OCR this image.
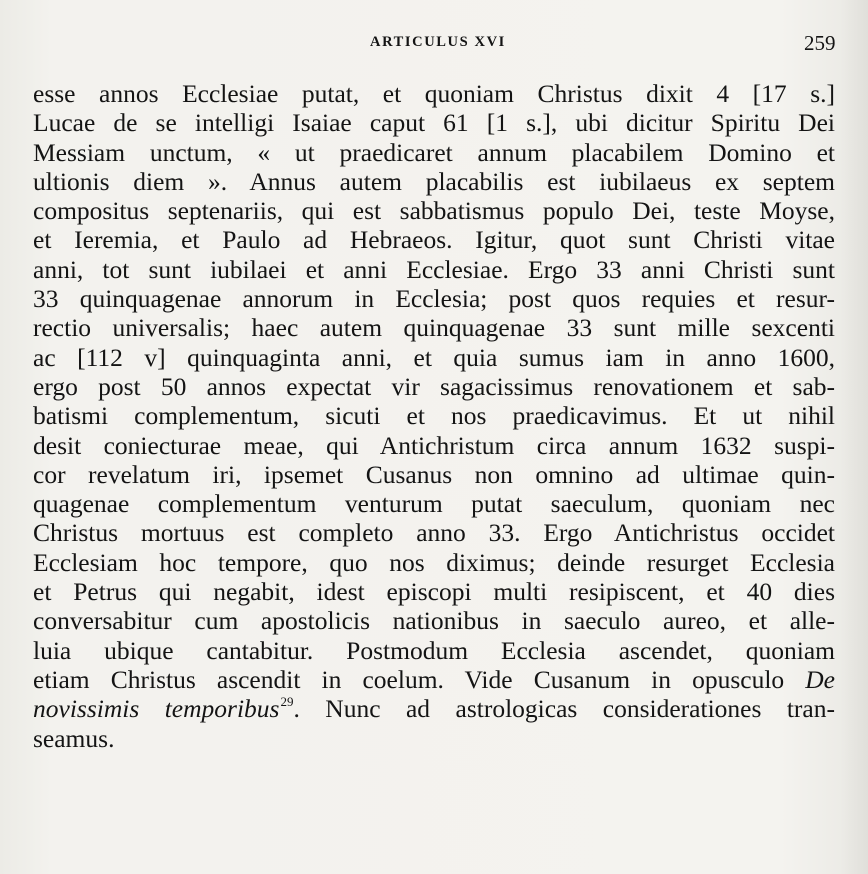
ARTICULUS XVI	259
esse annos Ecclesiae putat, et quoniam Christus dixit 4 [17 s.]
Lucae de se intelligi Isaiae caput 61 [1 s.], ubi dicitur Spiritu Dei
Messiam unctum, « ut praedicaret annum placabilem Domino et
ultionis diem ». Annus autem placabilis est iubilaeus ex septem
compositus septenariis, qui est sabbatismus populo Dei, teste Moyse,
et Ieremia, et Paulo ad Hebraeos. Igitur, quot sunt Christi vitae
anni, tot sunt iubilaei et anni Ecclesiae. Ergo 33 anni Christi sunt
33 quinquagenae annorum in Ecclesia; post quos requies et resur-
rectio universalis; haec autem quinquagenae 33 sunt mille sexcenti
ac [112 v] quinquaginta anni, et quia sumus iam in anno 1600,
ergo post 50 annos expectat vir sagacissimus renovationem et sab-
batismi complementum, sicuti et nos praedicavimus. Et ut nihil
desit coniecturae meae, qui Antichristum circa annum 1632 suspi-
cor revelatum iri, ipsemet Cusanus non omnino ad ultimae quin-
quagenae complementum venturum putat saeculum, quoniam nec
Christus mortuus est completo anno 33. Ergo Antichristus occidet
Ecclesiam hoc tempore, quo nos diximus; deinde resurget Ecclesia
et Petrus qui negabit, idest episcopi multi resipiscent, et 40 dies
conversabitur cum apostolicis nationibus in saeculo aureo, et alle-
luia ubique cantabitur. Postmodum Ecclesia ascendet, quoniam
etiam Christus ascendit in coelum. Vide Cusanum in opusculo De
novissimis temporibus$^{29}$. Nunc ad astrologicas considerationes tran-
seamus.
